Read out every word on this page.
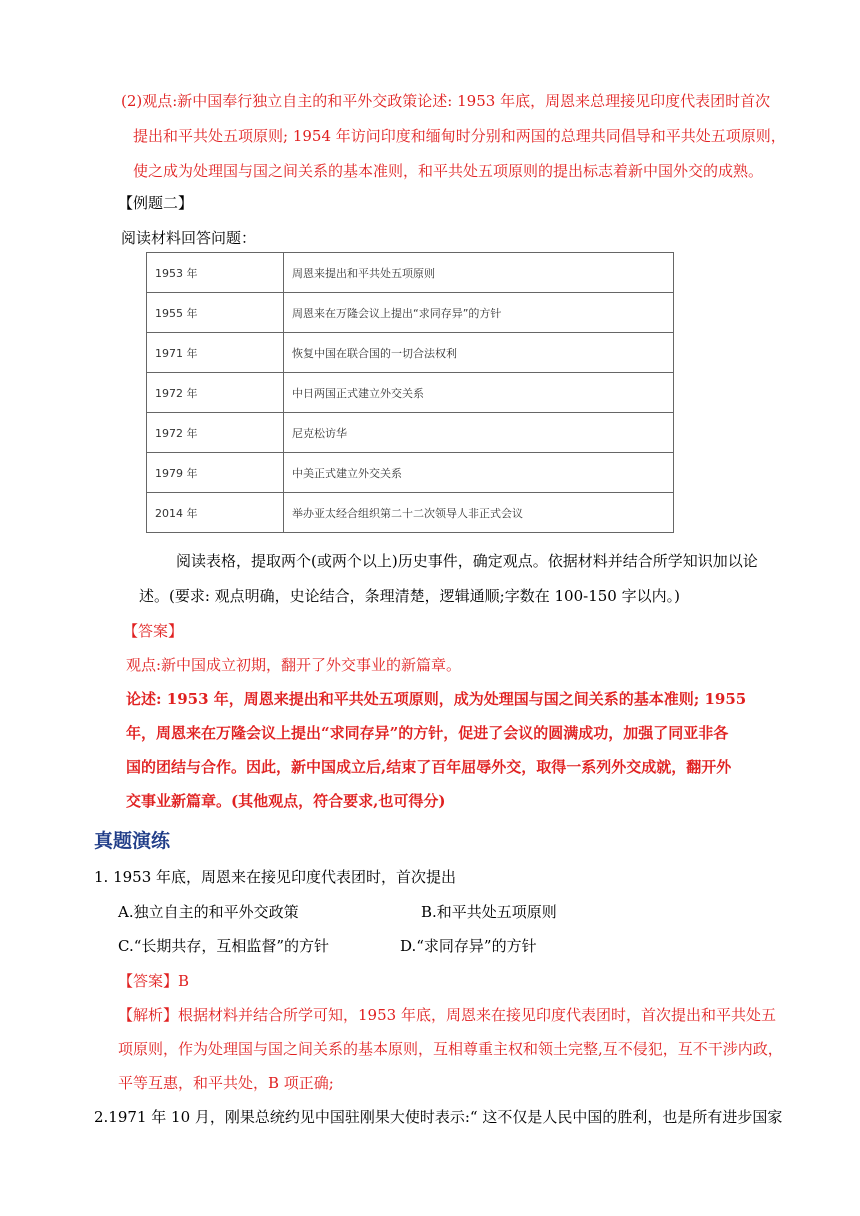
(2)观点:新中国奉行独立自主的和平外交政策论述: 1953 年底，周恩来总理接见印度代表团时首次
提出和平共处五项原则; 1954 年访问印度和缅甸时分别和两国的总理共同倡导和平共处五项原则，
使之成为处理国与国之间关系的基本准则，和平共处五项原则的提出标志着新中国外交的成熟。
【例题二】
阅读材料回答问题：
1953 年	周恩来提出和平共处五项原则
1955 年	周恩来在万隆会议上提出“求同存异”的方针
1971 年	恢复中国在联合国的一切合法权利
1972 年	中日两国正式建立外交关系
1972 年	尼克松访华
1979 年	中美正式建立外交关系
2014 年	举办亚太经合组织第二十二次领导人非正式会议
阅读表格，提取两个(或两个以上)历史事件，确定观点。依据材料并结合所学知识加以论
述。(要求: 观点明确，史论结合，条理清楚，逻辑通顺;字数在 100-150 字以内。)
【答案】
观点:新中国成立初期，翻开了外交事业的新篇章。
论述: 1953 年，周恩来提出和平共处五项原则，成为处理国与国之间关系的基本准则; 1955
年，周恩来在万隆会议上提出“求同存异”的方针，促进了会议的圆满成功，加强了同亚非各
国的团结与合作。因此，新中国成立后,结束了百年屈辱外交，取得一系列外交成就，翻开外
交事业新篇章。(其他观点，符合要求,也可得分)
真题演练
1. 1953 年底，周恩来在接见印度代表团时，首次提出
A.独立自主的和平外交政策	B.和平共处五项原则
C.“长期共存，互相监督”的方针	D.“求同存异”的方针
【答案】B
【解析】根据材料并结合所学可知，1953 年底，周恩来在接见印度代表团时，首次提出和平共处五
项原则，作为处理国与国之间关系的基本原则，互相尊重主权和领土完整,互不侵犯，互不干涉内政，
平等互惠，和平共处，B 项正确;
2.1971 年 10 月，刚果总统约见中国驻刚果大使时表示:“ 这不仅是人民中国的胜利，也是所有进步国家
